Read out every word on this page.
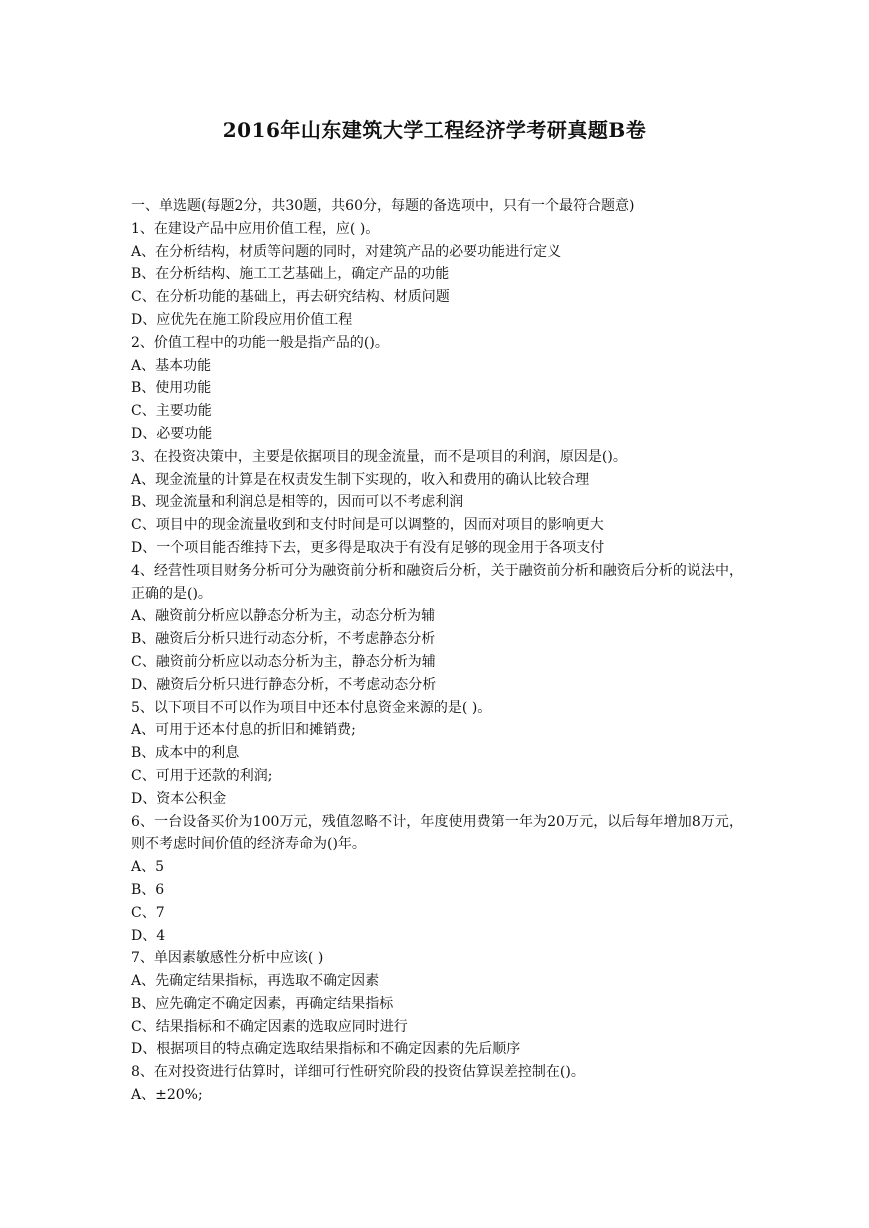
2016年山东建筑大学工程经济学考研真题B卷
一、单选题(每题2分，共30题，共60分，每题的备选项中，只有一个最符合题意)
1、在建设产品中应用价值工程，应( )。
A、在分析结构，材质等问题的同时，对建筑产品的必要功能进行定义
B、在分析结构、施工工艺基础上，确定产品的功能
C、在分析功能的基础上，再去研究结构、材质问题
D、应优先在施工阶段应用价值工程
2、价值工程中的功能一般是指产品的()。
A、基本功能
B、使用功能
C、主要功能
D、必要功能
3、在投资决策中，主要是依据项目的现金流量，而不是项目的利润，原因是()。
A、现金流量的计算是在权责发生制下实现的，收入和费用的确认比较合理
B、现金流量和利润总是相等的，因而可以不考虑利润
C、项目中的现金流量收到和支付时间是可以调整的，因而对项目的影响更大
D、一个项目能否维持下去，更多得是取决于有没有足够的现金用于各项支付
4、经营性项目财务分析可分为融资前分析和融资后分析，关于融资前分析和融资后分析的说法中，正确的是()。
A、融资前分析应以静态分析为主，动态分析为辅
B、融资后分析只进行动态分析，不考虑静态分析
C、融资前分析应以动态分析为主，静态分析为辅
D、融资后分析只进行静态分析，不考虑动态分析
5、以下项目不可以作为项目中还本付息资金来源的是( )。
A、可用于还本付息的折旧和摊销费;
B、成本中的利息
C、可用于还款的利润;
D、资本公积金
6、一台设备买价为100万元，残值忽略不计，年度使用费第一年为20万元，以后每年增加8万元，则不考虑时间价值的经济寿命为()年。
A、5
B、6
C、7
D、4
7、单因素敏感性分析中应该( )
A、先确定结果指标，再选取不确定因素
B、应先确定不确定因素，再确定结果指标
C、结果指标和不确定因素的选取应同时进行
D、根据项目的特点确定选取结果指标和不确定因素的先后顺序
8、在对投资进行估算时，详细可行性研究阶段的投资估算误差控制在()。
A、±20%;
